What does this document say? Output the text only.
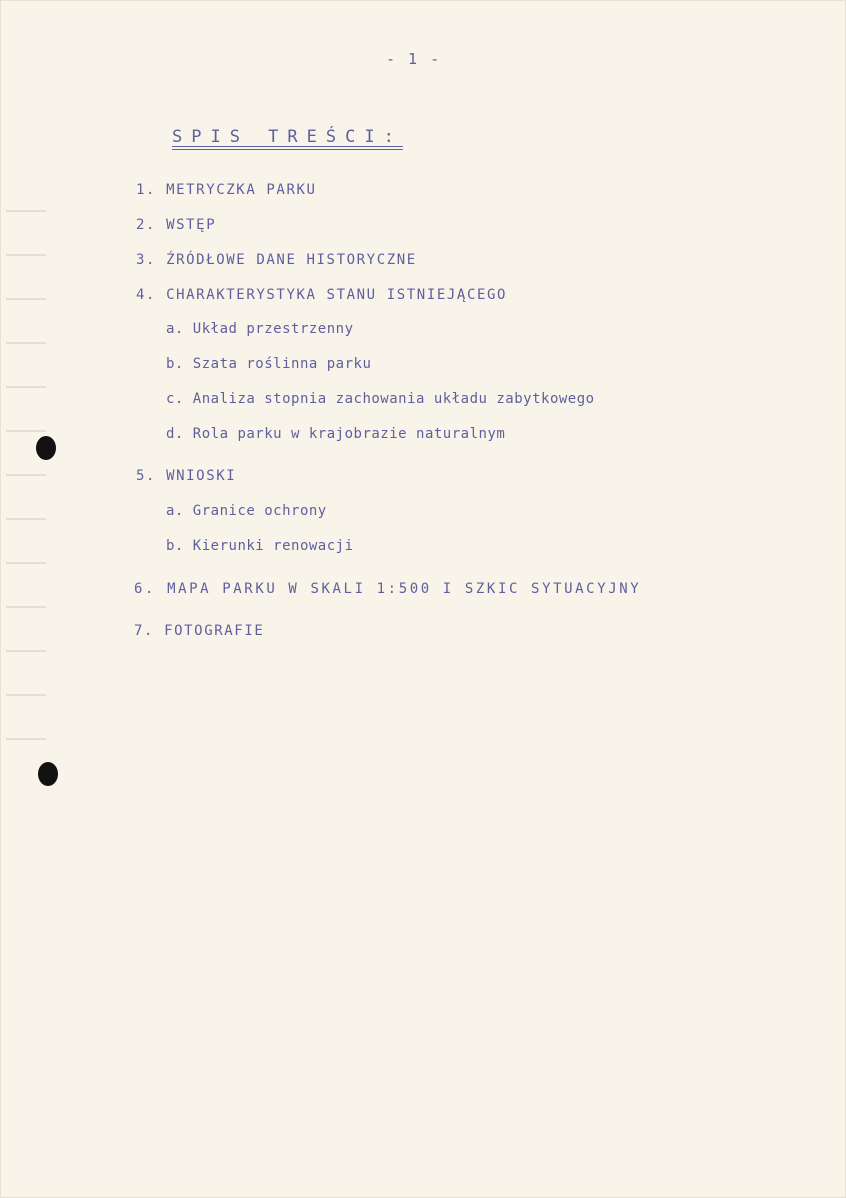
- 1 -
SPIS TREŚCI:
1. METRYCZKA PARKU
2. WSTĘP
3. ŹRÓDŁOWE DANE HISTORYCZNE
4. CHARAKTERYSTYKA STANU ISTNIEJĄCEGO
a. Układ przestrzenny
b. Szata roślinna parku
c. Analiza stopnia zachowania układu zabytkowego
d. Rola parku w krajobrazie naturalnym
5. WNIOSKI
a. Granice ochrony
b. Kierunki renowacji
6. MAPA PARKU W SKALI 1:500 I SZKIC SYTUACYJNY
7. FOTOGRAFIE
